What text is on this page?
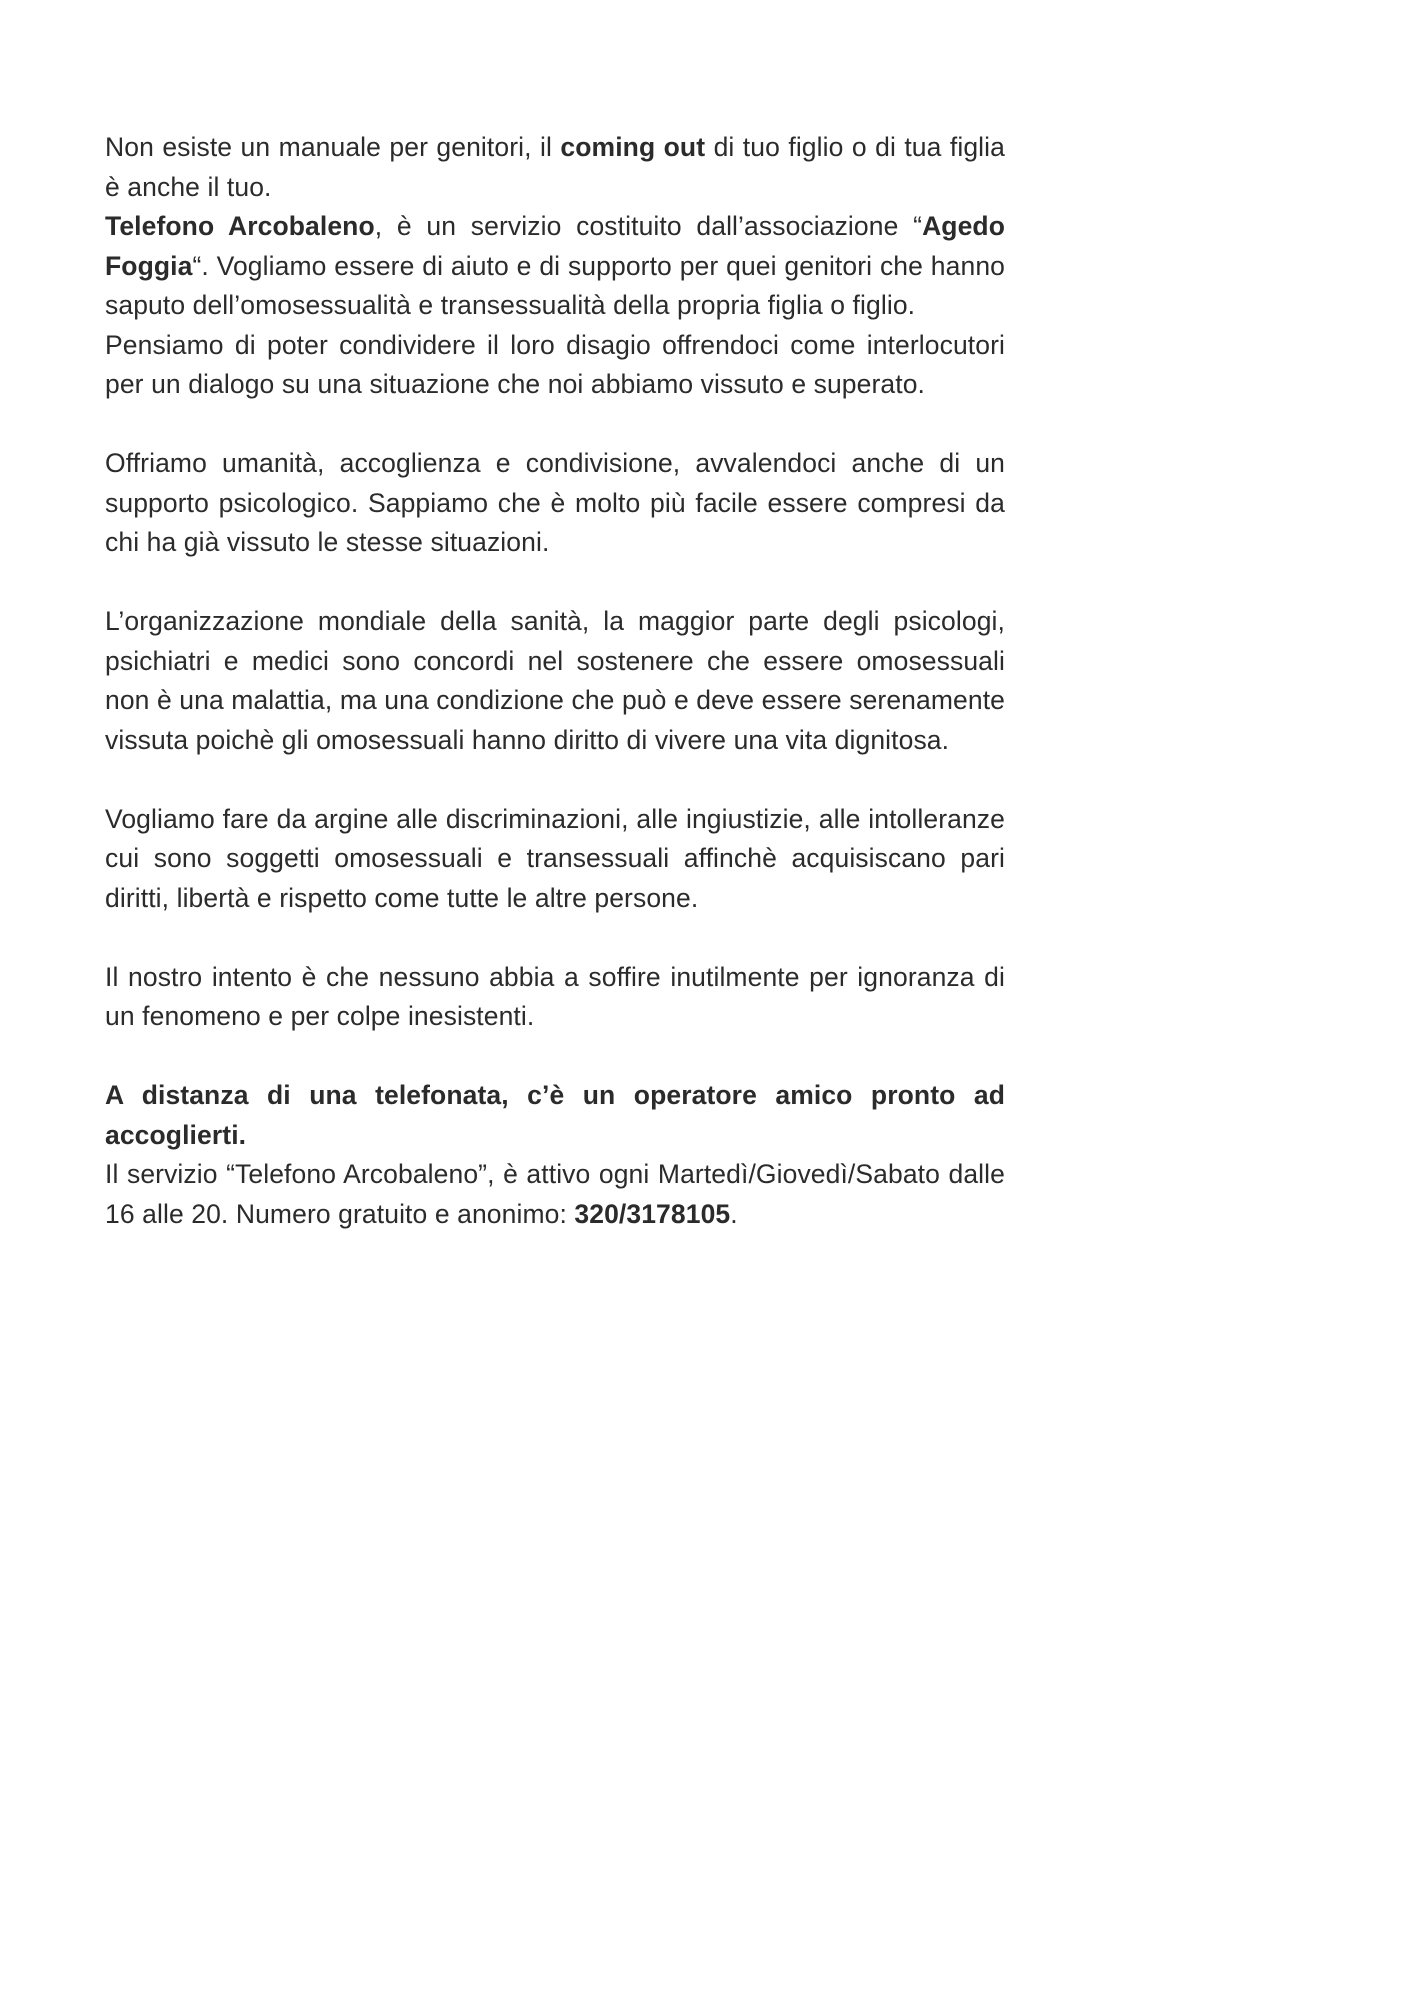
Non esiste un manuale per genitori, il coming out di tuo figlio o di tua figlia è anche il tuo.

Telefono Arcobaleno, è un servizio costituito dall’associazione “Agedo Foggia“. Vogliamo essere di aiuto e di supporto per quei genitori che hanno saputo dell’omosessualità e transessualità della propria figlia o figlio.

Pensiamo di poter condividere il loro disagio offrendoci come interlocutori per un dialogo su una situazione che noi abbiamo vissuto e superato.

Offriamo umanità, accoglienza e condivisione, avvalendoci anche di un supporto psicologico. Sappiamo che è molto più facile essere compresi da chi ha già vissuto le stesse situazioni.

L’organizzazione mondiale della sanità, la maggior parte degli psicologi, psichiatri e medici sono concordi nel sostenere che essere omosessuali non è una malattia, ma una condizione che può e deve essere serenamente vissuta poichè gli omosessuali hanno diritto di vivere una vita dignitosa.

Vogliamo fare da argine alle discriminazioni, alle ingiustizie, alle intolleranze cui sono soggetti omosessuali e transessuali affinchè acquisiscano pari diritti, libertà e rispetto come tutte le altre persone.

Il nostro intento è che nessuno abbia a soffire inutilmente per ignoranza di un fenomeno e per colpe inesistenti.

A distanza di una telefonata, c’è un operatore amico pronto ad accoglierti.

Il servizio “Telefono Arcobaleno”, è attivo ogni Martedì/Giovedì/Sabato dalle 16 alle 20. Numero gratuito e anonimo: 320/3178105.
